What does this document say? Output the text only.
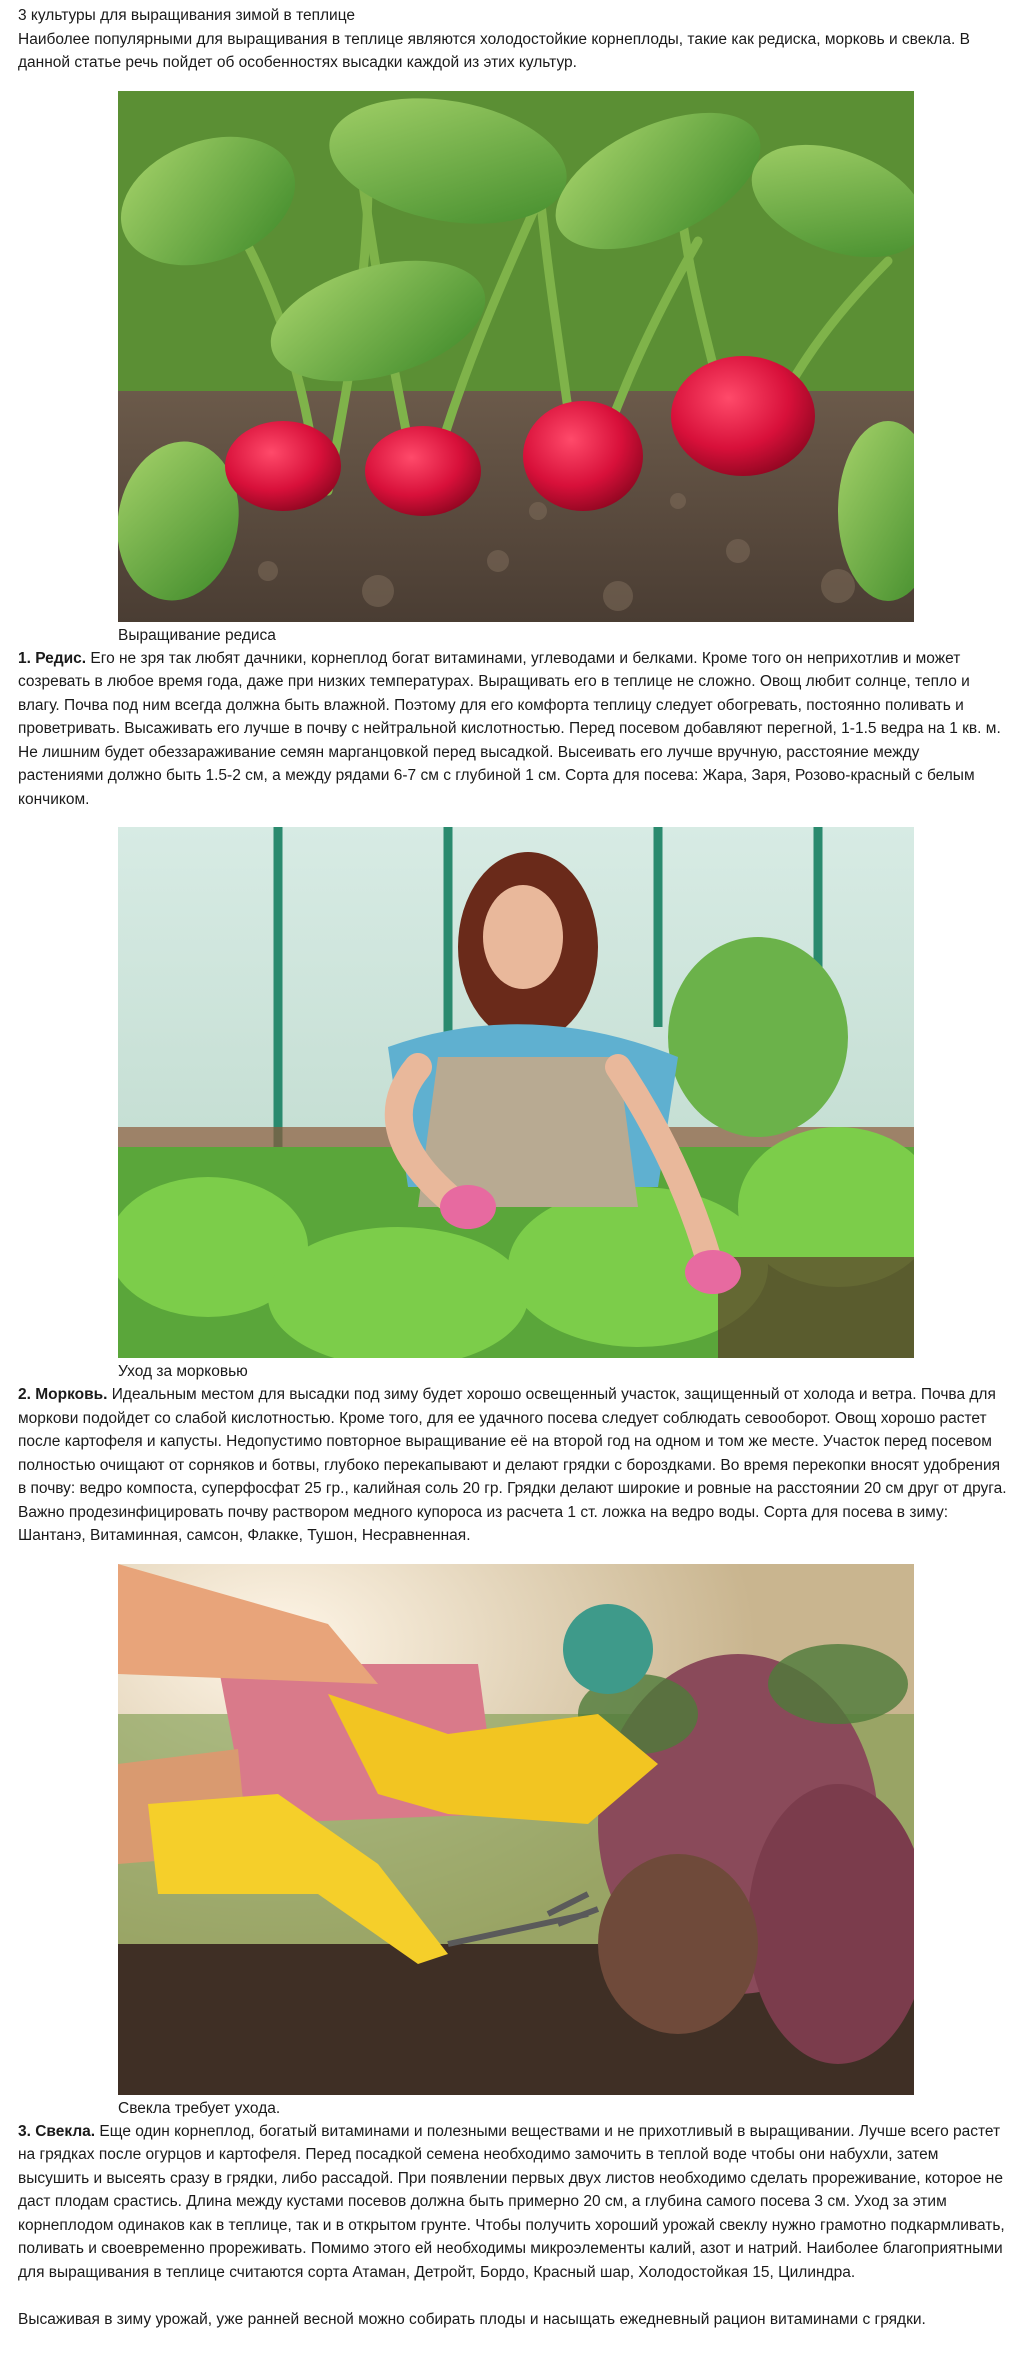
3 культуры для выращивания зимой в теплице

Наиболее популярными для выращивания в теплице являются холодостойкие корнеплоды, такие как редиска, морковь и свекла. В данной статье речь пойдет об особенностях высадки каждой из этих культур.

Выращивание редиса

1. Редис. Его не зря так любят дачники, корнеплод богат витаминами, углеводами и белками. Кроме того он неприхотлив и может созревать в любое время года, даже при низких температурах. Выращивать его в теплице не сложно. Овощ любит солнце, тепло и влагу. Почва под ним всегда должна быть влажной. Поэтому для его комфорта теплицу следует обогревать, постоянно поливать и проветривать. Высаживать его лучше в почву с нейтральной кислотностью. Перед посевом добавляют перегной, 1-1.5 ведра на 1 кв. м. Не лишним будет обеззараживание семян марганцовкой перед высадкой. Высеивать его лучше вручную, расстояние между растениями должно быть 1.5-2 см, а между рядами 6-7 см с глубиной 1 см. Сорта для посева: Жара, Заря, Розово-красный с белым кончиком.

Уход за морковью

2. Морковь. Идеальным местом для высадки под зиму будет хорошо освещенный участок, защищенный от холода и ветра. Почва для моркови подойдет со слабой кислотностью. Кроме того, для ее удачного посева следует соблюдать севооборот. Овощ хорошо растет после картофеля и капусты. Недопустимо повторное выращивание её на второй год на одном и том же месте. Участок перед посевом полностью очищают от сорняков и ботвы, глубоко перекапывают и делают грядки с бороздками. Во время перекопки вносят удобрения в почву: ведро компоста, суперфосфат 25 гр., калийная соль 20 гр. Грядки делают широкие и ровные на расстоянии 20 см друг от друга. Важно продезинфицировать почву раствором медного купороса из расчета 1 ст. ложка на ведро воды. Сорта для посева в зиму: Шантанэ, Витаминная, самсон, Флакке, Тушон, Несравненная.

Свекла требует ухода.

3. Свекла. Еще один корнеплод, богатый витаминами и полезными веществами и не прихотливый в выращивании. Лучше всего растет на грядках после огурцов и картофеля. Перед посадкой семена необходимо замочить в теплой воде чтобы они набухли, затем высушить и высеять сразу в грядки, либо рассадой. При появлении первых двух листов необходимо сделать прореживание, которое не даст плодам срастись. Длина между кустами посевов должна быть примерно 20 см, а глубина самого посева 3 см. Уход за этим корнеплодом одинаков как в теплице, так и в открытом грунте. Чтобы получить хороший урожай свеклу нужно грамотно подкармливать, поливать и своевременно прореживать. Помимо этого ей необходимы микроэлементы калий, азот и натрий. Наиболее благоприятными для выращивания в теплице считаются сорта Атаман, Детройт, Бордо, Красный шар, Холодостойкая 15, Цилиндра.

Высаживая в зиму урожай, уже ранней весной можно собирать плоды и насыщать ежедневный рацион витаминами с грядки.
